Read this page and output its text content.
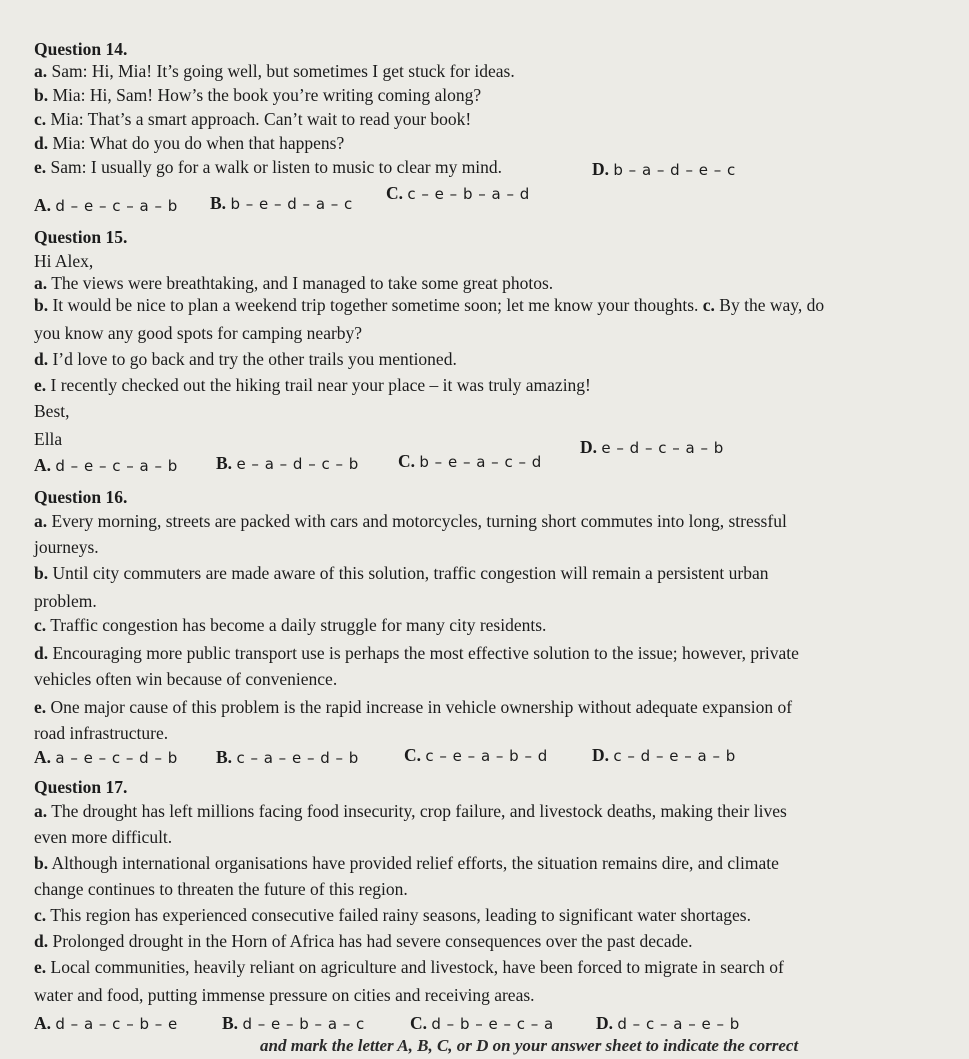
Question 14.
a. Sam: Hi, Mia! It’s going well, but sometimes I get stuck for ideas.
b. Mia: Hi, Sam! How’s the book you’re writing coming along?
c. Mia: That’s a smart approach. Can’t wait to read your book!
d. Mia: What do you do when that happens?
e. Sam: I usually go for a walk or listen to music to clear my mind.	D. b – a – d – e – c
A. d – e – c – a – b B. b – e – d – a – c
C. c – e – b – a – d
Question 15.
Hi Alex,
a. The views were breathtaking, and I managed to take some great photos.
b. It would be nice to plan a weekend trip together sometime soon; let me know your thoughts. c. By the way, do
you know any good spots for camping nearby?
d. I’d love to go back and try the other trails you mentioned.
e. I recently checked out the hiking trail near your place – it was truly amazing!
Best,
Ella
A. d – e – c – a – b B. e – a – d – c – b C. b – e – a – c – d
D. e – d – c – a – b
Question 16.
a. Every morning, streets are packed with cars and motorcycles, turning short commutes into long, stressful
journeys.
b. Until city commuters are made aware of this solution, traffic congestion will remain a persistent urban
problem.
c. Traffic congestion has become a daily struggle for many city residents.
d. Encouraging more public transport use is perhaps the most effective solution to the issue; however, private
vehicles often win because of convenience.
e. One major cause of this problem is the rapid increase in vehicle ownership without adequate expansion of
road infrastructure.
A. a – e – c – d – b B. c – a – e – d – b	C. c – e – a – b – d	D. c – d – e – a – b
Question 17.
a. The drought has left millions facing food insecurity, crop failure, and livestock deaths, making their lives
even more difficult.
b. Although international organisations have provided relief efforts, the situation remains dire, and climate
change continues to threaten the future of this region.
c. This region has experienced consecutive failed rainy seasons, leading to significant water shortages.
d. Prolonged drought in the Horn of Africa has had severe consequences over the past decade.
e. Local communities, heavily reliant on agriculture and livestock, have been forced to migrate in search of
water and food, putting immense pressure on cities and receiving areas.
A. d – a – c – b – e	B. d – e – b – a – c	C. d – b – e – c – a D. d – c – a – e – b
and mark the letter A, B, C, or D on your answer sheet to indicate the correct
